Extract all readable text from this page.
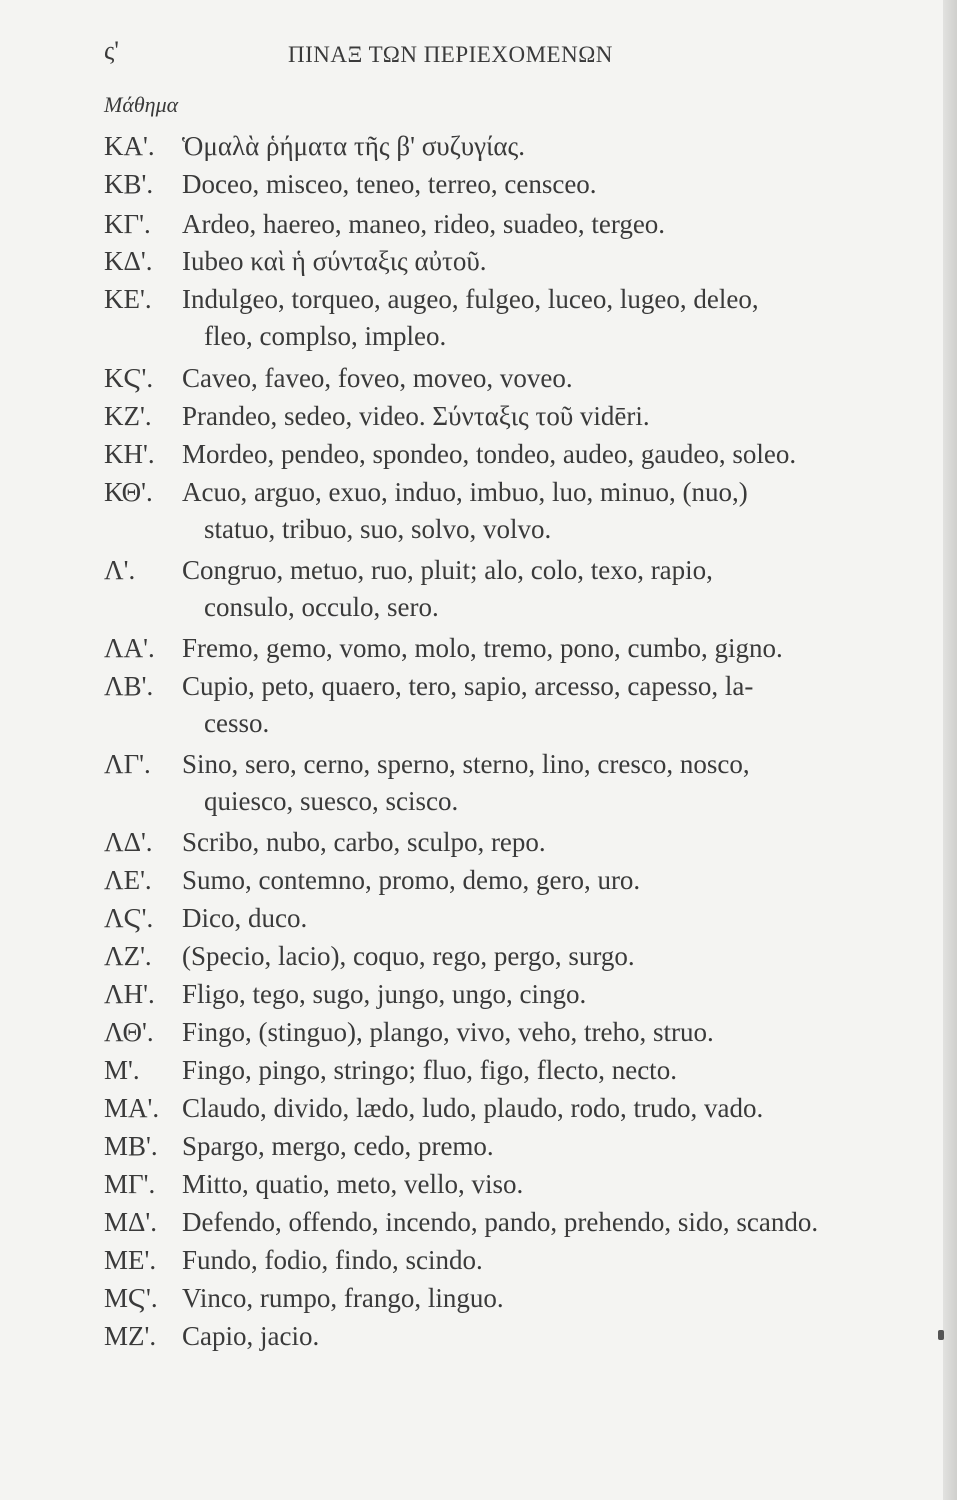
ς'	ΠΙΝΑΞ ΤΩΝ ΠΕΡΙΕΧΟΜΕΝΩΝ
Μάθημα
ΚΑ'. Ὁμαλὰ ῥήματα τῆς β' συζυγίας.
ΚΒ'. Doceo, misceo, teneo, terreo, censceo.
ΚΓ'. Ardeo, haereo, maneo, rideo, suadeo, tergeo.
ΚΔ'. Iubeo καὶ ἡ σύνταξις αὐτοῦ.
ΚΕ'. Indulgeo, torqueo, augeo, fulgeo, luceo, lugeo, deleo,
fleo, complso, impleo.
ΚϚ'. Caveo, faveo, foveo, moveo, voveo.
ΚΖ'. Prandeo, sedeo, video. Σύνταξις τοῦ vidēri.
ΚΗ'. Mordeo, pendeo, spondeo, tondeo, audeo, gaudeo, soleo.
ΚΘ'. Acuo, arguo, exuo, induo, imbuo, luo, minuo, (nuo,)
statuo, tribuo, suo, solvo, volvo.
Λ'. Congruo, metuo, ruo, pluit; alo, colo, texo, rapio,
consulo, occulo, sero.
ΛΑ'. Fremo, gemo, vomo, molo, tremo, pono, cumbo, gigno.
ΛΒ'. Cupio, peto, quaero, tero, sapio, arcesso, capesso, la-
cesso.
ΛΓ'. Sino, sero, cerno, sperno, sterno, lino, cresco, nosco,
quiesco, suesco, scisco.
ΛΔ'. Scribo, nubo, carbo, sculpo, repo.
ΛΕ'. Sumo, contemno, promo, demo, gero, uro.
ΛϚ'. Dico, duco.
ΛΖ'. (Specio, lacio), coquo, rego, pergo, surgo.
ΛΗ'. Fligo, tego, sugo, jungo, ungo, cingo.
ΛΘ'. Fingo, (stinguo), plango, vivo, veho, treho, struo.
Μ'. Fingo, pingo, stringo; fluo, figo, flecto, necto.
ΜΑ'. Claudo, divido, lædo, ludo, plaudo, rodo, trudo, vado.
ΜΒ'. Spargo, mergo, cedo, premo.
ΜΓ'. Mitto, quatio, meto, vello, viso.
ΜΔ'. Defendo, offendo, incendo, pando, prehendo, sido, scando.
ΜΕ'. Fundo, fodio, findo, scindo.
ΜϚ'. Vinco, rumpo, frango, linguo.
ΜΖ'. Capio, jacio.
